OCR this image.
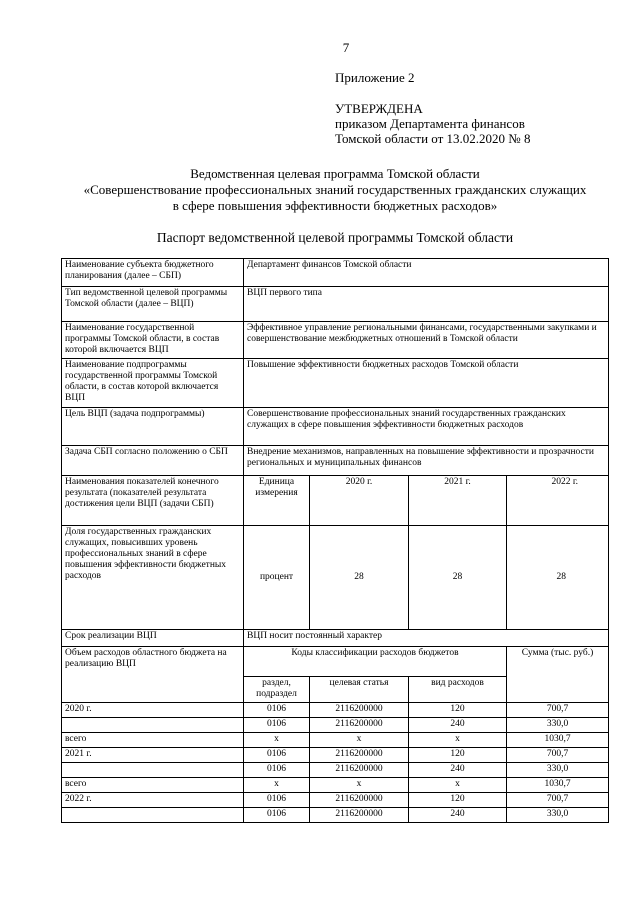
7
Приложение 2
УТВЕРЖДЕНА
приказом Департамента финансов
Томской области от 13.02.2020 № 8
Ведомственная целевая программа Томской области
«Совершенствование профессиональных знаний государственных гражданских служащих
в сфере повышения эффективности бюджетных расходов»
Паспорт ведомственной целевой программы Томской области
Наименование субъекта бюджетного планирования (далее – СБП)	Департамент финансов Томской области			
Тип ведомственной целевой программы Томской области (далее – ВЦП)	ВЦП первого типа			
Наименование государственной программы Томской области, в состав которой включается ВЦП	Эффективное управление региональными финансами, государственными закупками и совершенствование межбюджетных отношений в Томской области			
Наименование подпрограммы государственной программы Томской области, в состав которой включается ВЦП	Повышение эффективности бюджетных расходов Томской области			
Цель ВЦП (задача подпрограммы)	Совершенствование профессиональных знаний государственных гражданских служащих в сфере повышения эффективности бюджетных расходов			
Задача СБП согласно положению о СБП	Внедрение механизмов, направленных на повышение эффективности и прозрачности региональных и муниципальных финансов			
Наименования показателей конечного результата (показателей результата достижения цели ВЦП (задачи СБП)	Единица измерения	2020 г.	2021 г.	2022 г.
Доля государственных гражданских служащих, повысивших уровень профессиональных знаний в сфере повышения эффективности бюджетных расходов	процент	28	28	28
Срок реализации ВЦП	ВЦП носит постоянный характер			
Объем расходов областного бюджета на реализацию ВЦП	Коды классификации расходов бюджетов			Сумма (тыс. руб.)
	раздел, подраздел	целевая статья	вид расходов	
2020 г.	0106	2116200000	120	700,7
	0106	2116200000	240	330,0
всего	x	x	x	1030,7
2021 г.	0106	2116200000	120	700,7
	0106	2116200000	240	330,0
всего	x	x	x	1030,7
2022 г.	0106	2116200000	120	700,7
	0106	2116200000	240	330,0
